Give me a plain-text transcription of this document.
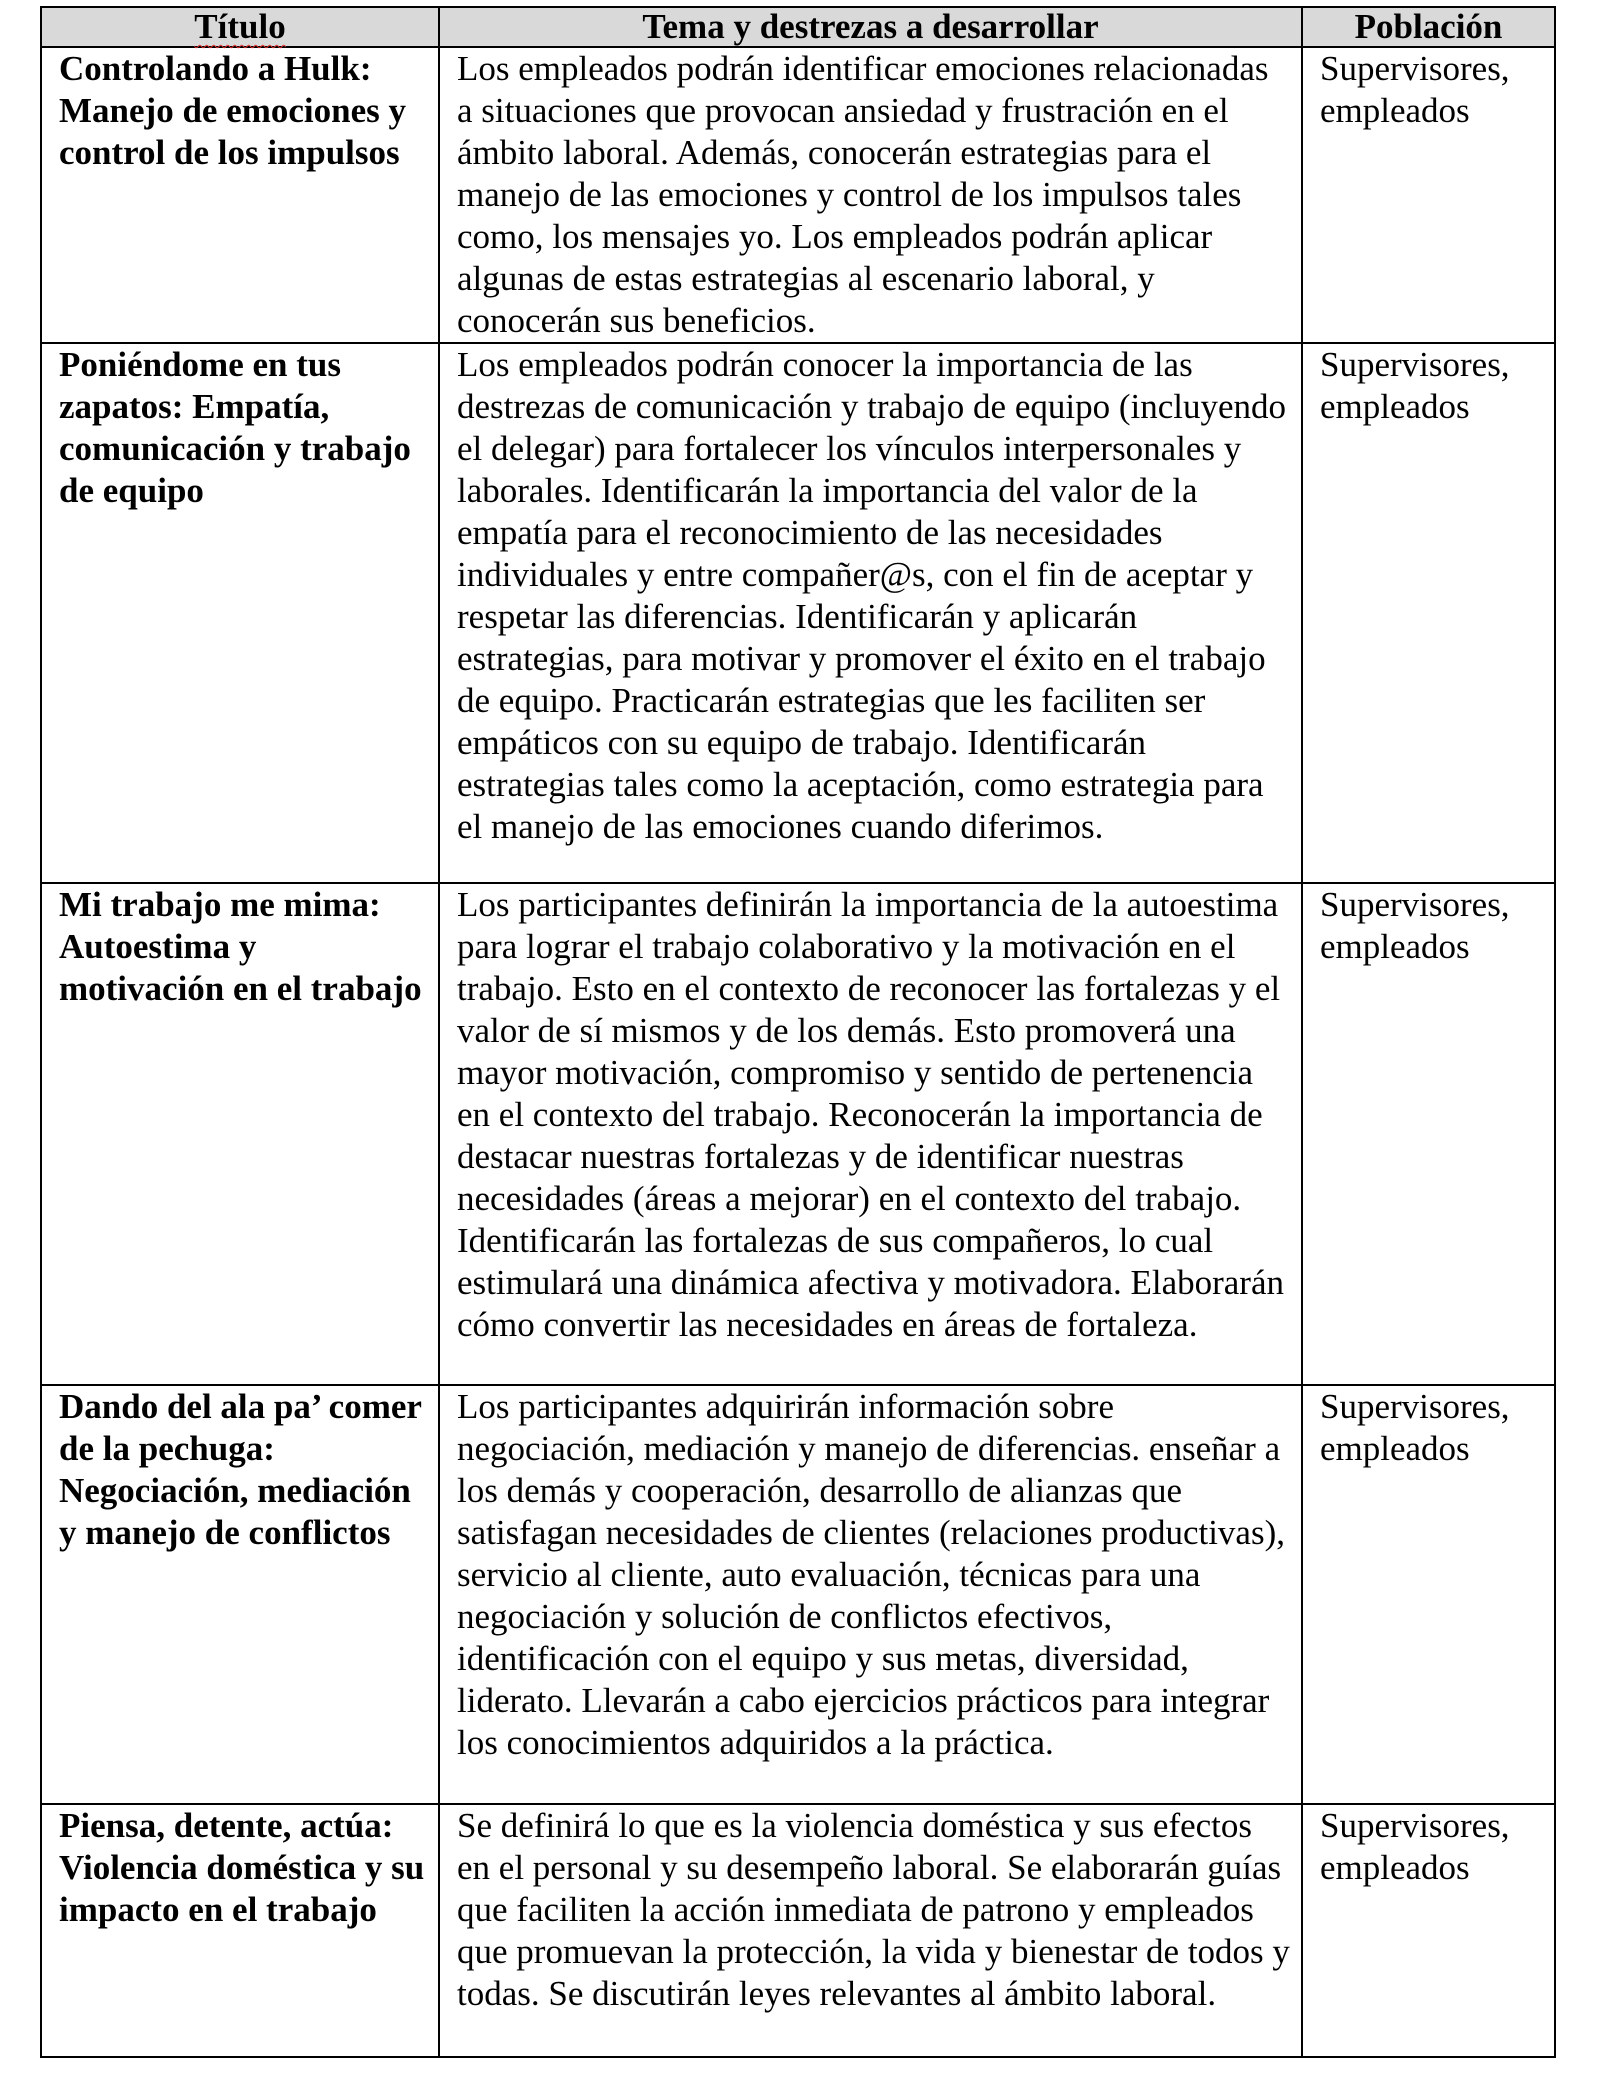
Título	Tema y destrezas a desarrollar	Población
Controlando a Hulk: Manejo de emociones y control de los impulsos	Los empleados podrán identificar emociones relacionadas a situaciones que provocan ansiedad y frustración en el ámbito laboral. Además, conocerán estrategias para el manejo de las emociones y control de los impulsos tales como, los mensajes yo. Los empleados podrán aplicar algunas de estas estrategias al escenario laboral, y conocerán sus beneficios.	Supervisores, empleados
Poniéndome en tus zapatos: Empatía, comunicación y trabajo de equipo	Los empleados podrán conocer la importancia de las destrezas de comunicación y trabajo de equipo (incluyendo el delegar) para fortalecer los vínculos interpersonales y laborales. Identificarán la importancia del valor de la empatía para el reconocimiento de las necesidades individuales y entre compañer@s, con el fin de aceptar y respetar las diferencias. Identificarán y aplicarán estrategias, para motivar y promover el éxito en el trabajo de equipo. Practicarán estrategias que les faciliten ser empáticos con su equipo de trabajo. Identificarán estrategias tales como la aceptación, como estrategia para el manejo de las emociones cuando diferimos.	Supervisores, empleados
Mi trabajo me mima: Autoestima y motivación en el trabajo	Los participantes definirán la importancia de la autoestima para lograr el trabajo colaborativo y la motivación en el trabajo. Esto en el contexto de reconocer las fortalezas y el valor de sí mismos y de los demás. Esto promoverá una mayor motivación, compromiso y sentido de pertenencia en el contexto del trabajo. Reconocerán la importancia de destacar nuestras fortalezas y de identificar nuestras necesidades (áreas a mejorar) en el contexto del trabajo. Identificarán las fortalezas de sus compañeros, lo cual estimulará una dinámica afectiva y motivadora. Elaborarán cómo convertir las necesidades en áreas de fortaleza.	Supervisores, empleados
Dando del ala pa’ comer de la pechuga: Negociación, mediación y manejo de conflictos	Los participantes adquirirán información sobre negociación, mediación y manejo de diferencias. enseñar a los demás y cooperación, desarrollo de alianzas que satisfagan necesidades de clientes (relaciones productivas), servicio al cliente, auto evaluación, técnicas para una negociación y solución de conflictos efectivos, identificación con el equipo y sus metas, diversidad, liderato. Llevarán a cabo ejercicios prácticos para integrar los conocimientos adquiridos a la práctica.	Supervisores, empleados
Piensa, detente, actúa: Violencia doméstica y su impacto en el trabajo	Se definirá lo que es la violencia doméstica y sus efectos en el personal y su desempeño laboral. Se elaborarán guías que faciliten la acción inmediata de patrono y empleados que promuevan la protección, la vida y bienestar de todos y todas. Se discutirán leyes relevantes al ámbito laboral.	Supervisores, empleados
